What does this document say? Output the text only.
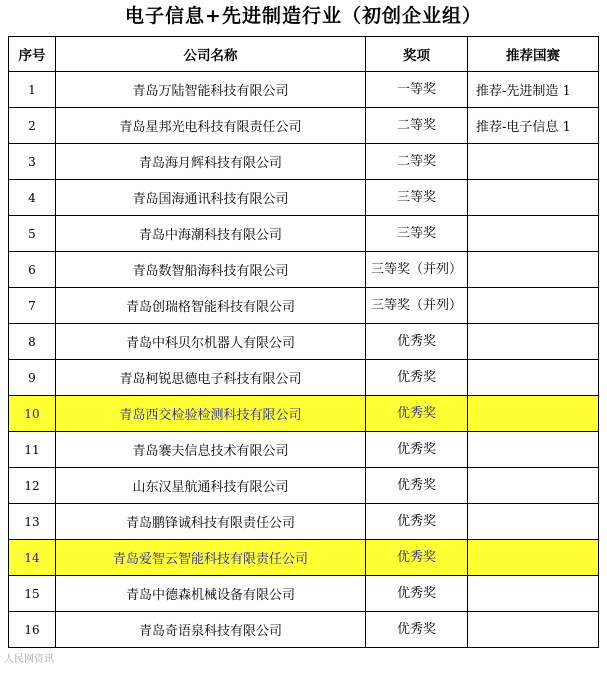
电子信息+先进制造行业（初创企业组）
序号	公司名称	奖项	推荐国赛
1	青岛万陆智能科技有限公司	一等奖	推荐-先进制造 1
2	青岛星邦光电科技有限责任公司	二等奖	推荐-电子信息 1
3	青岛海月辉科技有限公司	二等奖	
4	青岛国海通讯科技有限公司	三等奖	
5	青岛中海潮科技有限公司	三等奖	
6	青岛数智船海科技有限公司	三等奖（并列）	
7	青岛创瑞格智能科技有限公司	三等奖（并列）	
8	青岛中科贝尔机器人有限公司	优秀奖	
9	青岛柯锐思德电子科技有限公司	优秀奖	
10	青岛西交检验检测科技有限公司	优秀奖	
11	青岛褰夫信息技术有限公司	优秀奖	
12	山东汉星航通科技有限公司	优秀奖	
13	青岛鹏锋诚科技有限责任公司	优秀奖	
14	青岛爱智云智能科技有限责任公司	优秀奖	
15	青岛中德森机械设备有限公司	优秀奖	
16	青岛奇语泉科技有限公司	优秀奖	
人民网资讯
